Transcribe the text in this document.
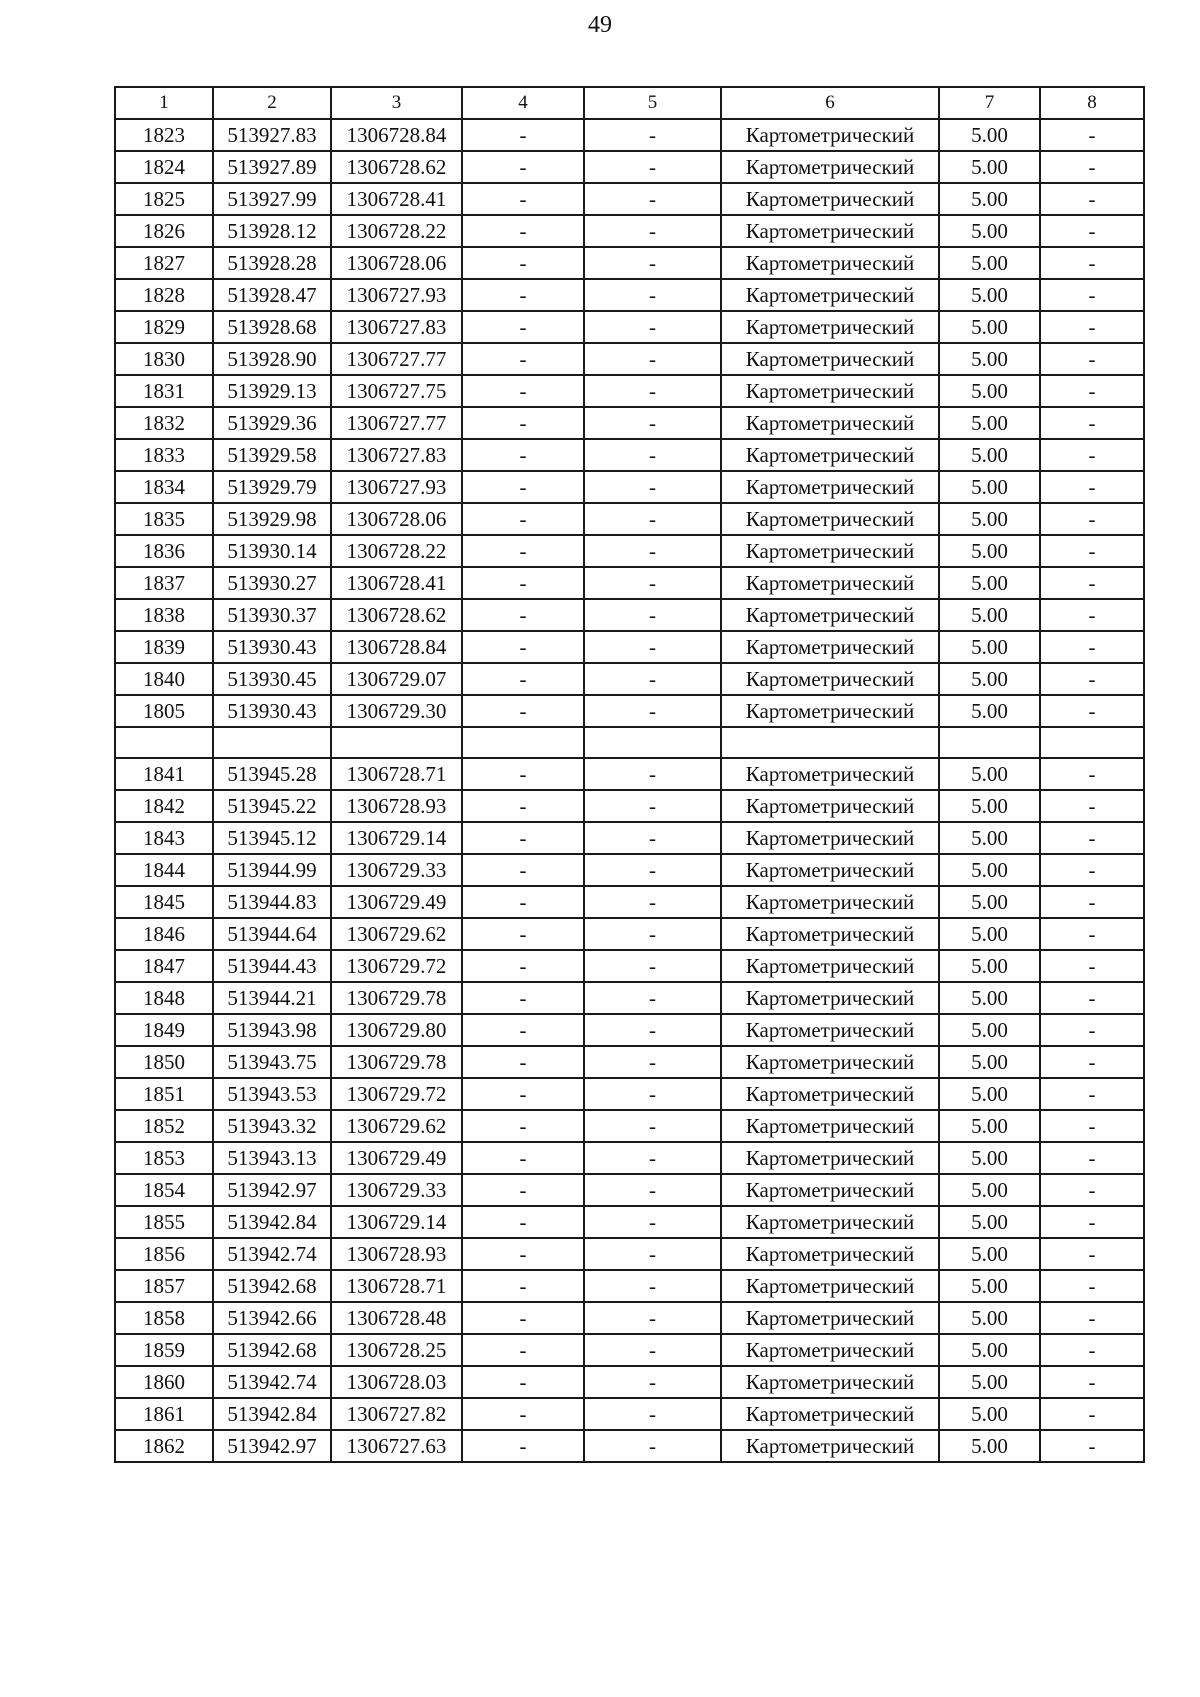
49
1	2	3	4	5	6	7	8
1823	513927.83	1306728.84	-	-	Картометрический	5.00	-
1824	513927.89	1306728.62	-	-	Картометрический	5.00	-
1825	513927.99	1306728.41	-	-	Картометрический	5.00	-
1826	513928.12	1306728.22	-	-	Картометрический	5.00	-
1827	513928.28	1306728.06	-	-	Картометрический	5.00	-
1828	513928.47	1306727.93	-	-	Картометрический	5.00	-
1829	513928.68	1306727.83	-	-	Картометрический	5.00	-
1830	513928.90	1306727.77	-	-	Картометрический	5.00	-
1831	513929.13	1306727.75	-	-	Картометрический	5.00	-
1832	513929.36	1306727.77	-	-	Картометрический	5.00	-
1833	513929.58	1306727.83	-	-	Картометрический	5.00	-
1834	513929.79	1306727.93	-	-	Картометрический	5.00	-
1835	513929.98	1306728.06	-	-	Картометрический	5.00	-
1836	513930.14	1306728.22	-	-	Картометрический	5.00	-
1837	513930.27	1306728.41	-	-	Картометрический	5.00	-
1838	513930.37	1306728.62	-	-	Картометрический	5.00	-
1839	513930.43	1306728.84	-	-	Картометрический	5.00	-
1840	513930.45	1306729.07	-	-	Картометрический	5.00	-
1805	513930.43	1306729.30	-	-	Картометрический	5.00	-

1841	513945.28	1306728.71	-	-	Картометрический	5.00	-
1842	513945.22	1306728.93	-	-	Картометрический	5.00	-
1843	513945.12	1306729.14	-	-	Картометрический	5.00	-
1844	513944.99	1306729.33	-	-	Картометрический	5.00	-
1845	513944.83	1306729.49	-	-	Картометрический	5.00	-
1846	513944.64	1306729.62	-	-	Картометрический	5.00	-
1847	513944.43	1306729.72	-	-	Картометрический	5.00	-
1848	513944.21	1306729.78	-	-	Картометрический	5.00	-
1849	513943.98	1306729.80	-	-	Картометрический	5.00	-
1850	513943.75	1306729.78	-	-	Картометрический	5.00	-
1851	513943.53	1306729.72	-	-	Картометрический	5.00	-
1852	513943.32	1306729.62	-	-	Картометрический	5.00	-
1853	513943.13	1306729.49	-	-	Картометрический	5.00	-
1854	513942.97	1306729.33	-	-	Картометрический	5.00	-
1855	513942.84	1306729.14	-	-	Картометрический	5.00	-
1856	513942.74	1306728.93	-	-	Картометрический	5.00	-
1857	513942.68	1306728.71	-	-	Картометрический	5.00	-
1858	513942.66	1306728.48	-	-	Картометрический	5.00	-
1859	513942.68	1306728.25	-	-	Картометрический	5.00	-
1860	513942.74	1306728.03	-	-	Картометрический	5.00	-
1861	513942.84	1306727.82	-	-	Картометрический	5.00	-
1862	513942.97	1306727.63	-	-	Картометрический	5.00	-
